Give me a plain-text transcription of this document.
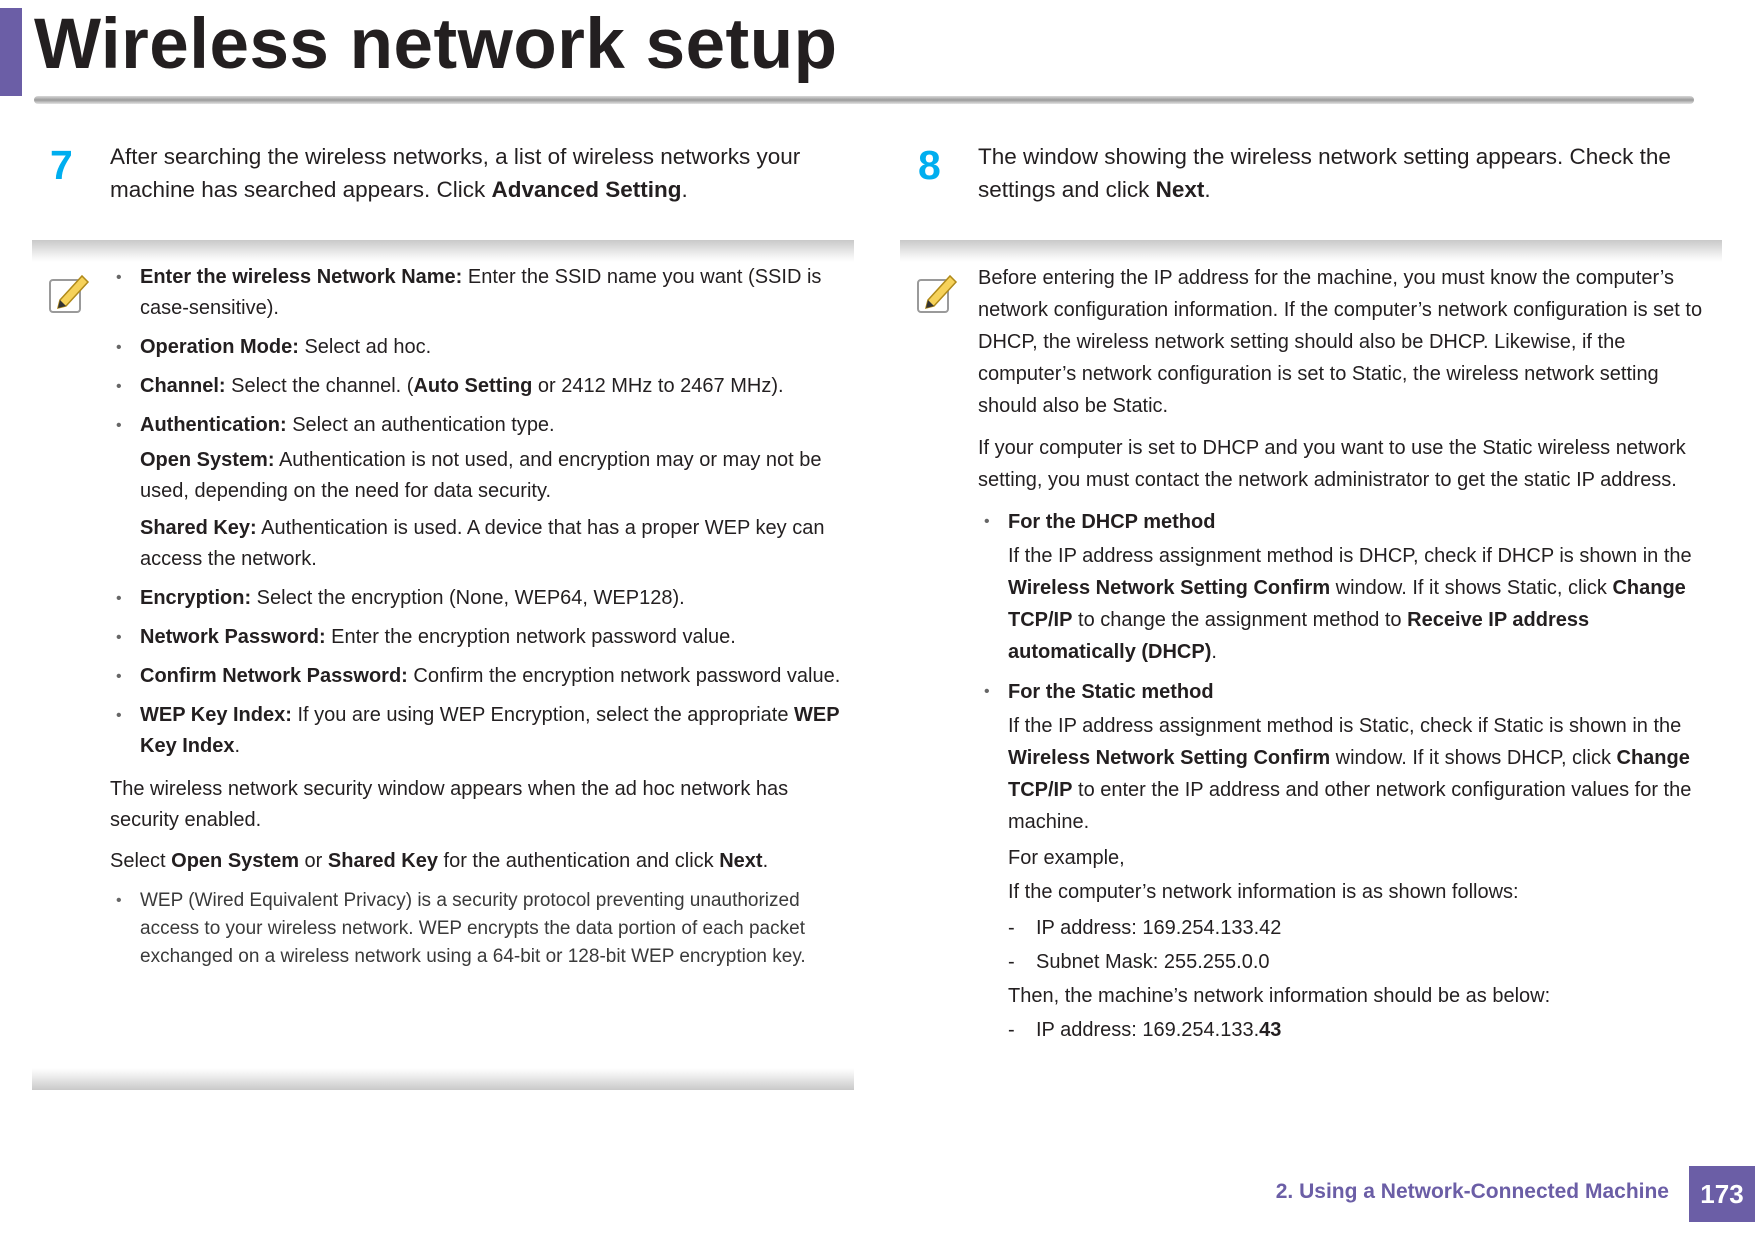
Wireless network setup
7 After searching the wireless networks, a list of wireless networks your machine has searched appears. Click Advanced Setting.

• Enter the wireless Network Name: Enter the SSID name you want (SSID is case-sensitive).

• Operation Mode: Select ad hoc.

• Channel: Select the channel. (Auto Setting or 2412 MHz to 2467 MHz).

• Authentication: Select an authentication type.

Open System: Authentication is not used, and encryption may or may not be used, depending on the need for data security.

Shared Key: Authentication is used. A device that has a proper WEP key can access the network.

• Encryption: Select the encryption (None, WEP64, WEP128).

• Network Password: Enter the encryption network password value.

• Confirm Network Password: Confirm the encryption network password value.

• WEP Key Index: If you are using WEP Encryption, select the appropriate WEP Key Index.

The wireless network security window appears when the ad hoc network has security enabled.

Select Open System or Shared Key for the authentication and click Next.

• WEP (Wired Equivalent Privacy) is a security protocol preventing unauthorized access to your wireless network. WEP encrypts the data portion of each packet exchanged on a wireless network using a 64-bit or 128-bit WEP encryption key.

8 The window showing the wireless network setting appears. Check the settings and click Next.

Before entering the IP address for the machine, you must know the computer’s network configuration information. If the computer’s network configuration is set to DHCP, the wireless network setting should also be DHCP. Likewise, if the computer’s network configuration is set to Static, the wireless network setting should also be Static.

If your computer is set to DHCP and you want to use the Static wireless network setting, you must contact the network administrator to get the static IP address.

• For the DHCP method

If the IP address assignment method is DHCP, check if DHCP is shown in the Wireless Network Setting Confirm window. If it shows Static, click Change TCP/IP to change the assignment method to Receive IP address automatically (DHCP).

• For the Static method

If the IP address assignment method is Static, check if Static is shown in the Wireless Network Setting Confirm window. If it shows DHCP, click Change TCP/IP to enter the IP address and other network configuration values for the machine.

For example,

If the computer’s network information is as shown follows:

- IP address: 169.254.133.42

- Subnet Mask: 255.255.0.0

Then, the machine’s network information should be as below:

- IP address: 169.254.133.43

2. Using a Network-Connected Machine	173
